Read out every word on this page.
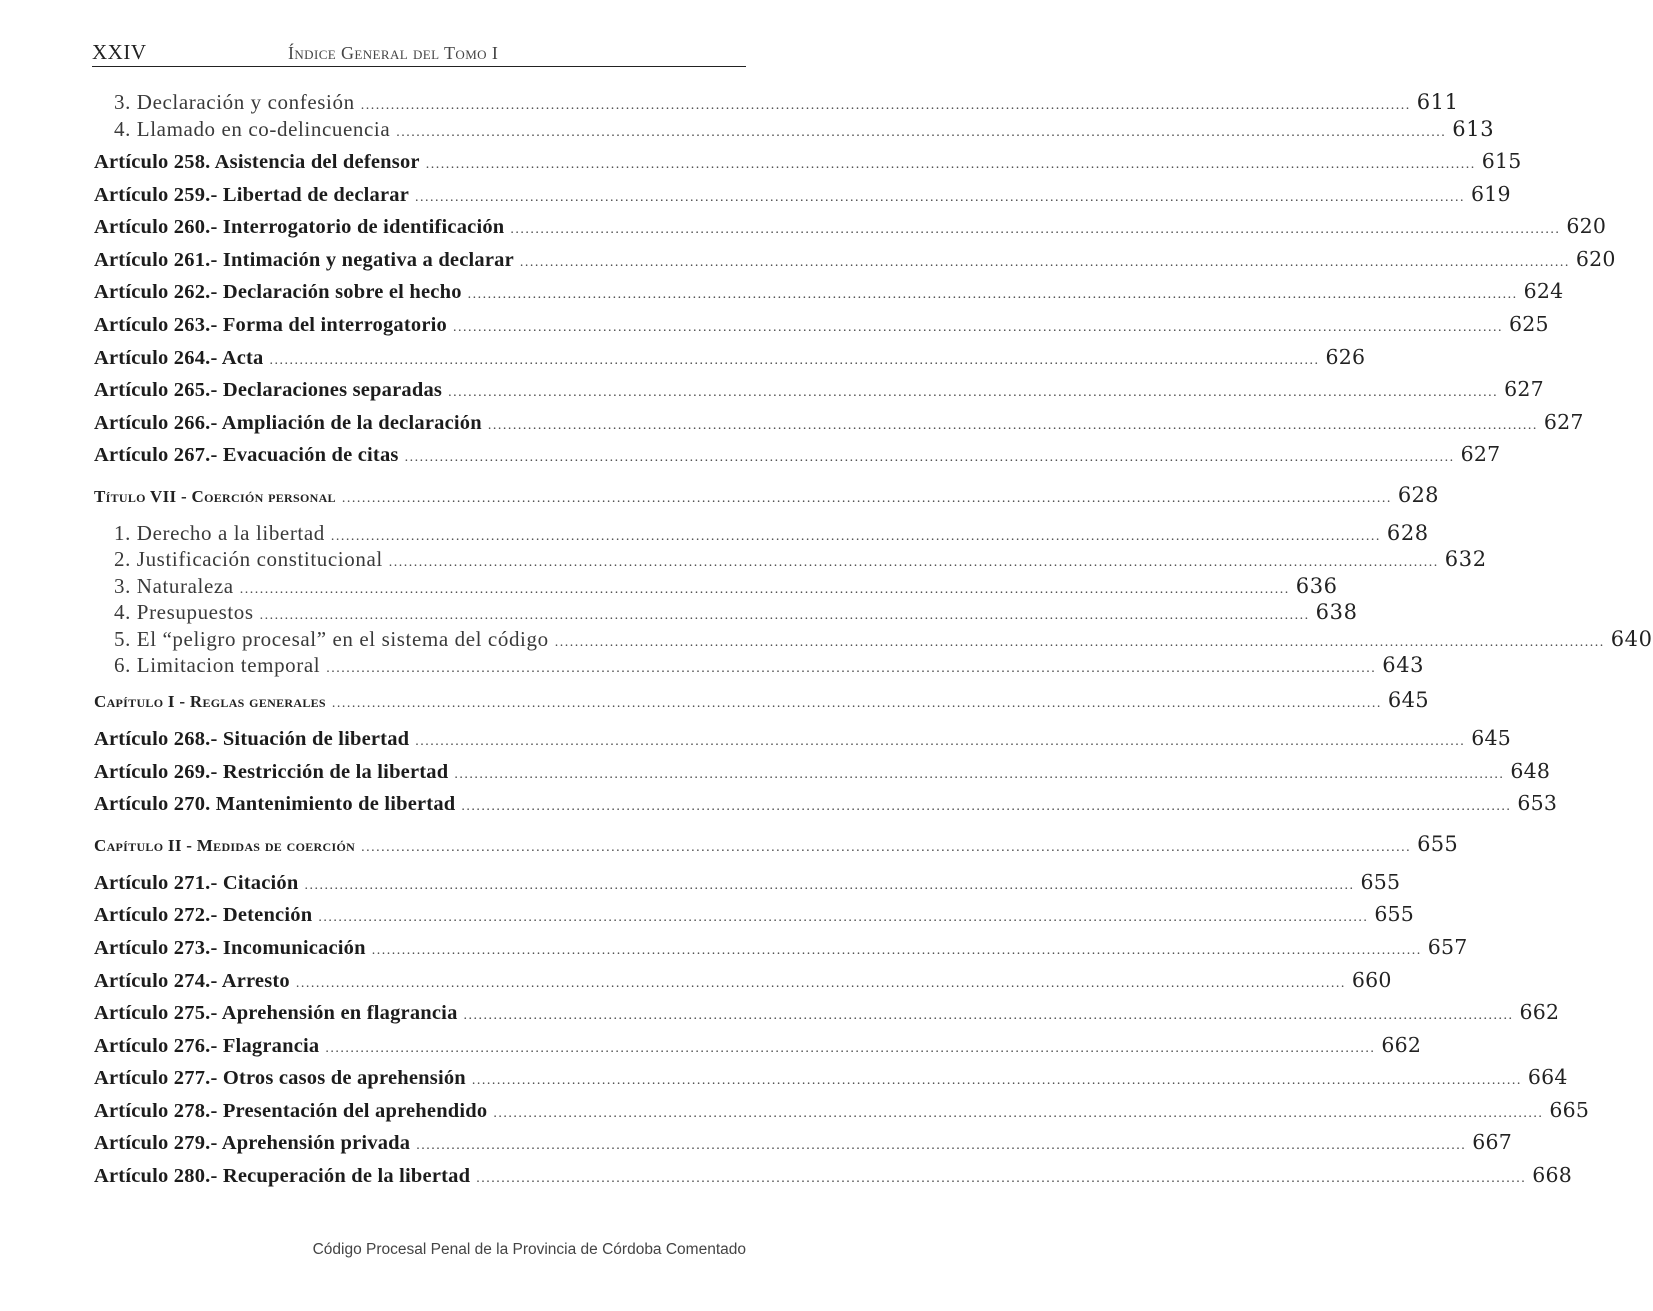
XXIV	Índice General del Tomo I
3. Declaración y confesión .....	611
4. Llamado en co-delincuencia .....	613
Artículo 258. Asistencia del defensor .....	615
Artículo 259.- Libertad de declarar .....	619
Artículo 260.- Interrogatorio de identificación .....	620
Artículo 261.- Intimación y negativa a declarar .....	620
Artículo 262.- Declaración sobre el hecho .....	624
Artículo 263.- Forma del interrogatorio .....	625
Artículo 264.- Acta .....	626
Artículo 265.- Declaraciones separadas .....	627
Artículo 266.- Ampliación de la declaración .....	627
Artículo 267.- Evacuación de citas .....	627
Título VII - Coerción personal .....	628
1. Derecho a la libertad .....	628
2. Justificación constitucional .....	632
3. Naturaleza .....	636
4. Presupuestos .....	638
5. El “peligro procesal” en el sistema del código .....	640
6. Limitacion temporal .....	643
Capítulo I - Reglas generales .....	645
Artículo 268.- Situación de libertad .....	645
Artículo 269.- Restricción de la libertad .....	648
Artículo 270. Mantenimiento de libertad .....	653
Capítulo II - Medidas de coerción .....	655
Artículo 271.- Citación .....	655
Artículo 272.- Detención .....	655
Artículo 273.- Incomunicación .....	657
Artículo 274.- Arresto .....	660
Artículo 275.- Aprehensión en flagrancia .....	662
Artículo 276.- Flagrancia .....	662
Artículo 277.- Otros casos de aprehensión .....	664
Artículo 278.- Presentación del aprehendido .....	665
Artículo 279.- Aprehensión privada .....	667
Artículo 280.- Recuperación de la libertad .....	668
Código Procesal Penal de la Provincia de Córdoba Comentado
